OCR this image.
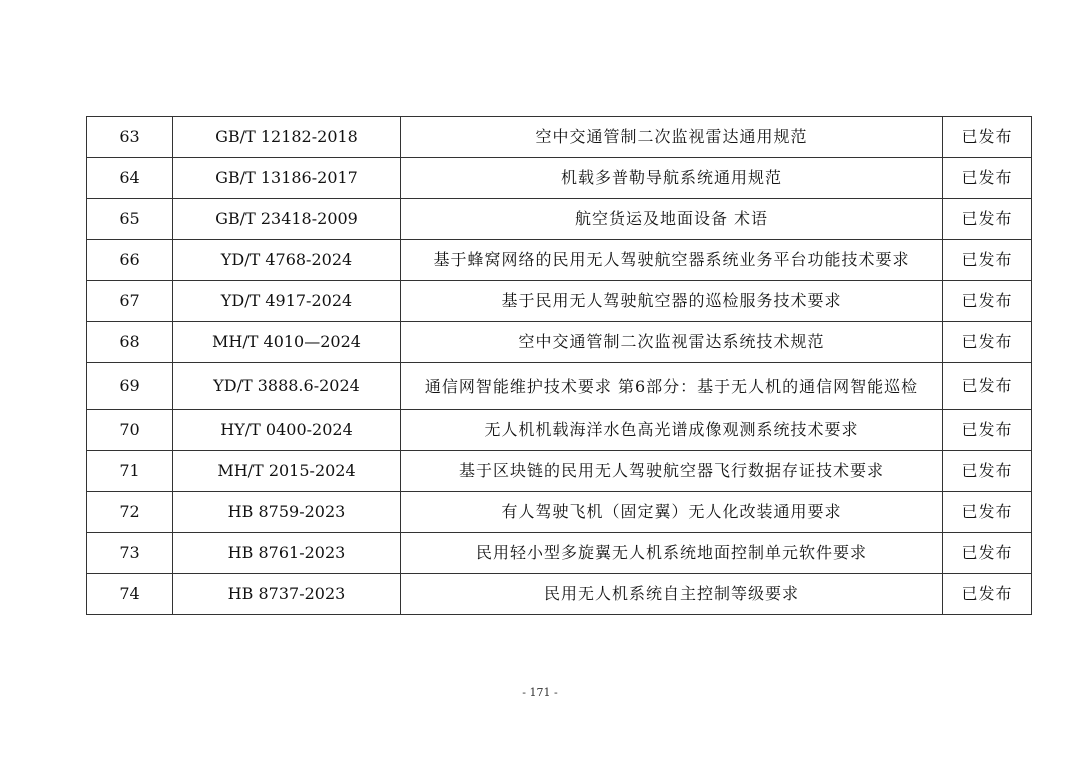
63	GB/T 12182-2018	空中交通管制二次监视雷达通用规范	已发布
64	GB/T 13186-2017	机载多普勒导航系统通用规范	已发布
65	GB/T 23418-2009	航空货运及地面设备 术语	已发布
66	YD/T 4768-2024	基于蜂窝网络的民用无人驾驶航空器系统业务平台功能技术要求	已发布
67	YD/T 4917-2024	基于民用无人驾驶航空器的巡检服务技术要求	已发布
68	MH/T 4010—2024	空中交通管制二次监视雷达系统技术规范	已发布
69	YD/T 3888.6-2024	通信网智能维护技术要求 第6部分：基于无人机的通信网智能巡检	已发布
70	HY/T 0400-2024	无人机机载海洋水色高光谱成像观测系统技术要求	已发布
71	MH/T 2015-2024	基于区块链的民用无人驾驶航空器飞行数据存证技术要求	已发布
72	HB 8759-2023	有人驾驶飞机（固定翼）无人化改装通用要求	已发布
73	HB 8761-2023	民用轻小型多旋翼无人机系统地面控制单元软件要求	已发布
74	HB 8737-2023	民用无人机系统自主控制等级要求	已发布
- 171 -
